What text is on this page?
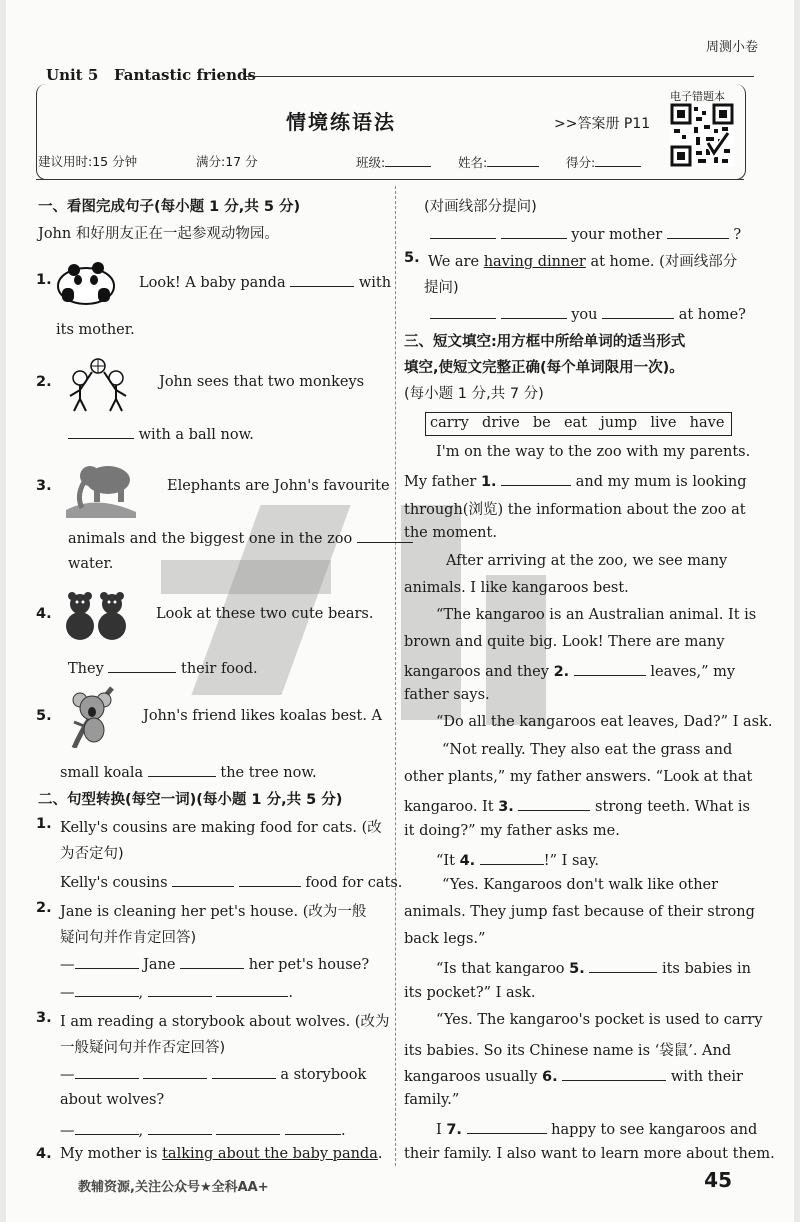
周测小卷
Unit 5 Fantastic friends
情境练语法	>>答案册 P11
电子错题本
建议用时:15 分钟	满分:17 分	班级:	姓名:	得分:
一、看图完成句子(每小题 1 分,共 5 分)
John 和好朋友正在一起参观动物园。
1.	Look! A baby panda	with
its mother.
2.	John sees that two monkeys
with a ball now.
3.	Elephants are John's favourite
animals and the biggest one in the zoo
water.
4.	Look at these two cute bears.
They	their food.
5.	John's friend likes koalas best. A
small koala	the tree now.
二、句型转换(每空一词)(每小题 1 分,共 5 分)
1. Kelly's cousins are making food for cats. (改
为否定句)
Kelly's cousins	food for cats.
2. Jane is cleaning her pet's house. (改为一般
疑问句并作肯定回答)
—	Jane	her pet's house?
—	,	.
3. I am reading a storybook about wolves. (改为
一般疑问句并作否定回答)
—	a storybook
about wolves?
—	,	.
4. My mother is talking about the baby panda.
(对画线部分提问)
your mother	?
5. We are having dinner at home. (对画线部分
提问)
you	at home?
三、短文填空:用方框中所给单词的适当形式
填空,使短文完整正确(每个单词限用一次)。
(每小题 1 分,共 7 分)
carry drive be eat jump live have
I'm on the way to the zoo with my parents.
My father 1.	and my mum is looking
through(浏览) the information about the zoo at
the moment.
After arriving at the zoo, we see many
animals. I like kangaroos best.
“The kangaroo is an Australian animal. It is
brown and quite big. Look! There are many
kangaroos and they 2.	leaves,” my
father says.
“Do all the kangaroos eat leaves, Dad?” I ask.
“Not really. They also eat the grass and
other plants,” my father answers. “Look at that
kangaroo. It 3.	strong teeth. What is
it doing?” my father asks me.
“It 4.	!” I say.
“Yes. Kangaroos don't walk like other
animals. They jump fast because of their strong
back legs.”
“Is that kangaroo 5.	its babies in
its pocket?” I ask.
“Yes. The kangaroo's pocket is used to carry
its babies. So its Chinese name is ‘袋鼠’. And
kangaroos usually 6.	with their
family.”
I 7.	happy to see kangaroos and
their family. I also want to learn more about them.
教辅资源,关注公众号★全科AA+	45
